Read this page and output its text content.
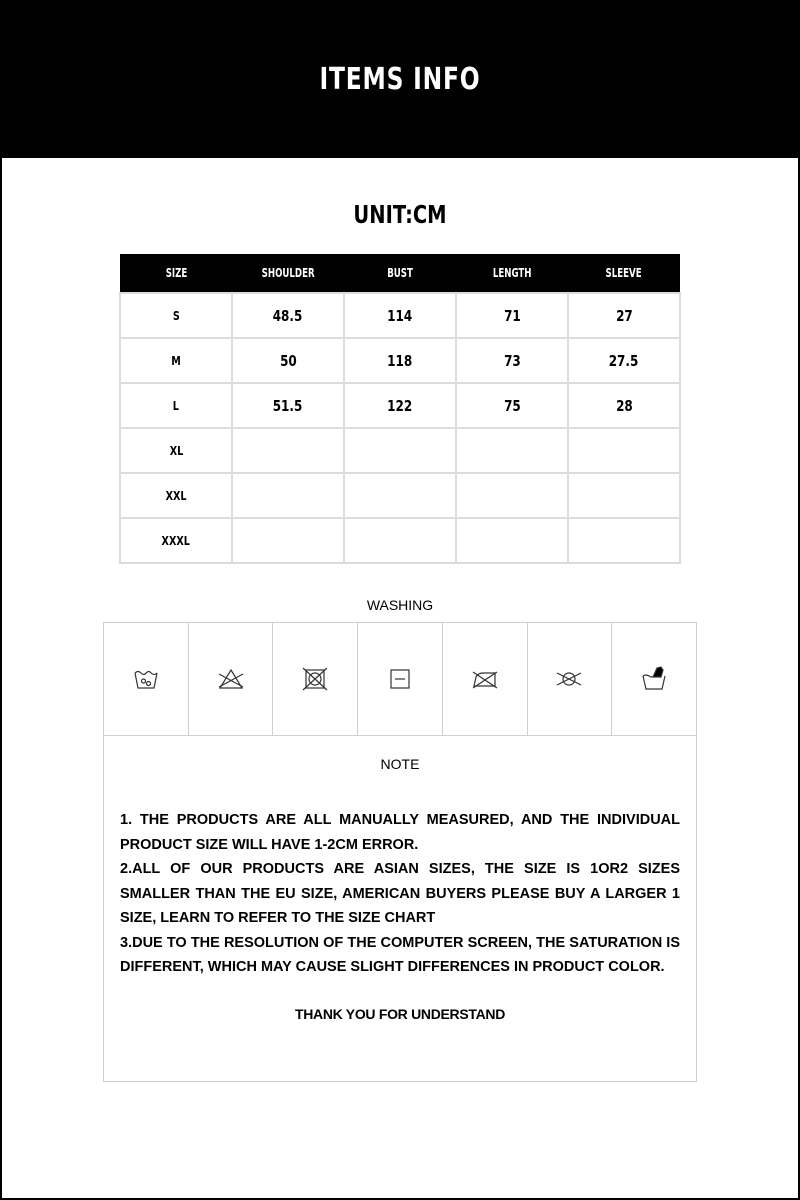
ITEMS INFO
UNIT:CM
SIZE	SHOULDER	BUST	LENGTH	SLEEVE
S	48.5	114	71	27
M	50	118	73	27.5
L	51.5	122	75	28
XL				
XXL				
XXXL				
WASHING
NOTE

1. THE PRODUCTS ARE ALL MANUALLY MEASURED, AND THE INDIVIDUAL PRODUCT SIZE WILL HAVE 1-2CM ERROR.

2.ALL OF OUR PRODUCTS ARE ASIAN SIZES, THE SIZE IS 1OR2 SIZES SMALLER THAN THE EU SIZE, AMERICAN BUYERS PLEASE BUY A LARGER 1 SIZE, LEARN TO REFER TO THE SIZE CHART

3.DUE TO THE RESOLUTION OF THE COMPUTER SCREEN, THE SATURATION IS DIFFERENT, WHICH MAY CAUSE SLIGHT DIFFERENCES IN PRODUCT COLOR.

THANK YOU FOR UNDERSTAND
